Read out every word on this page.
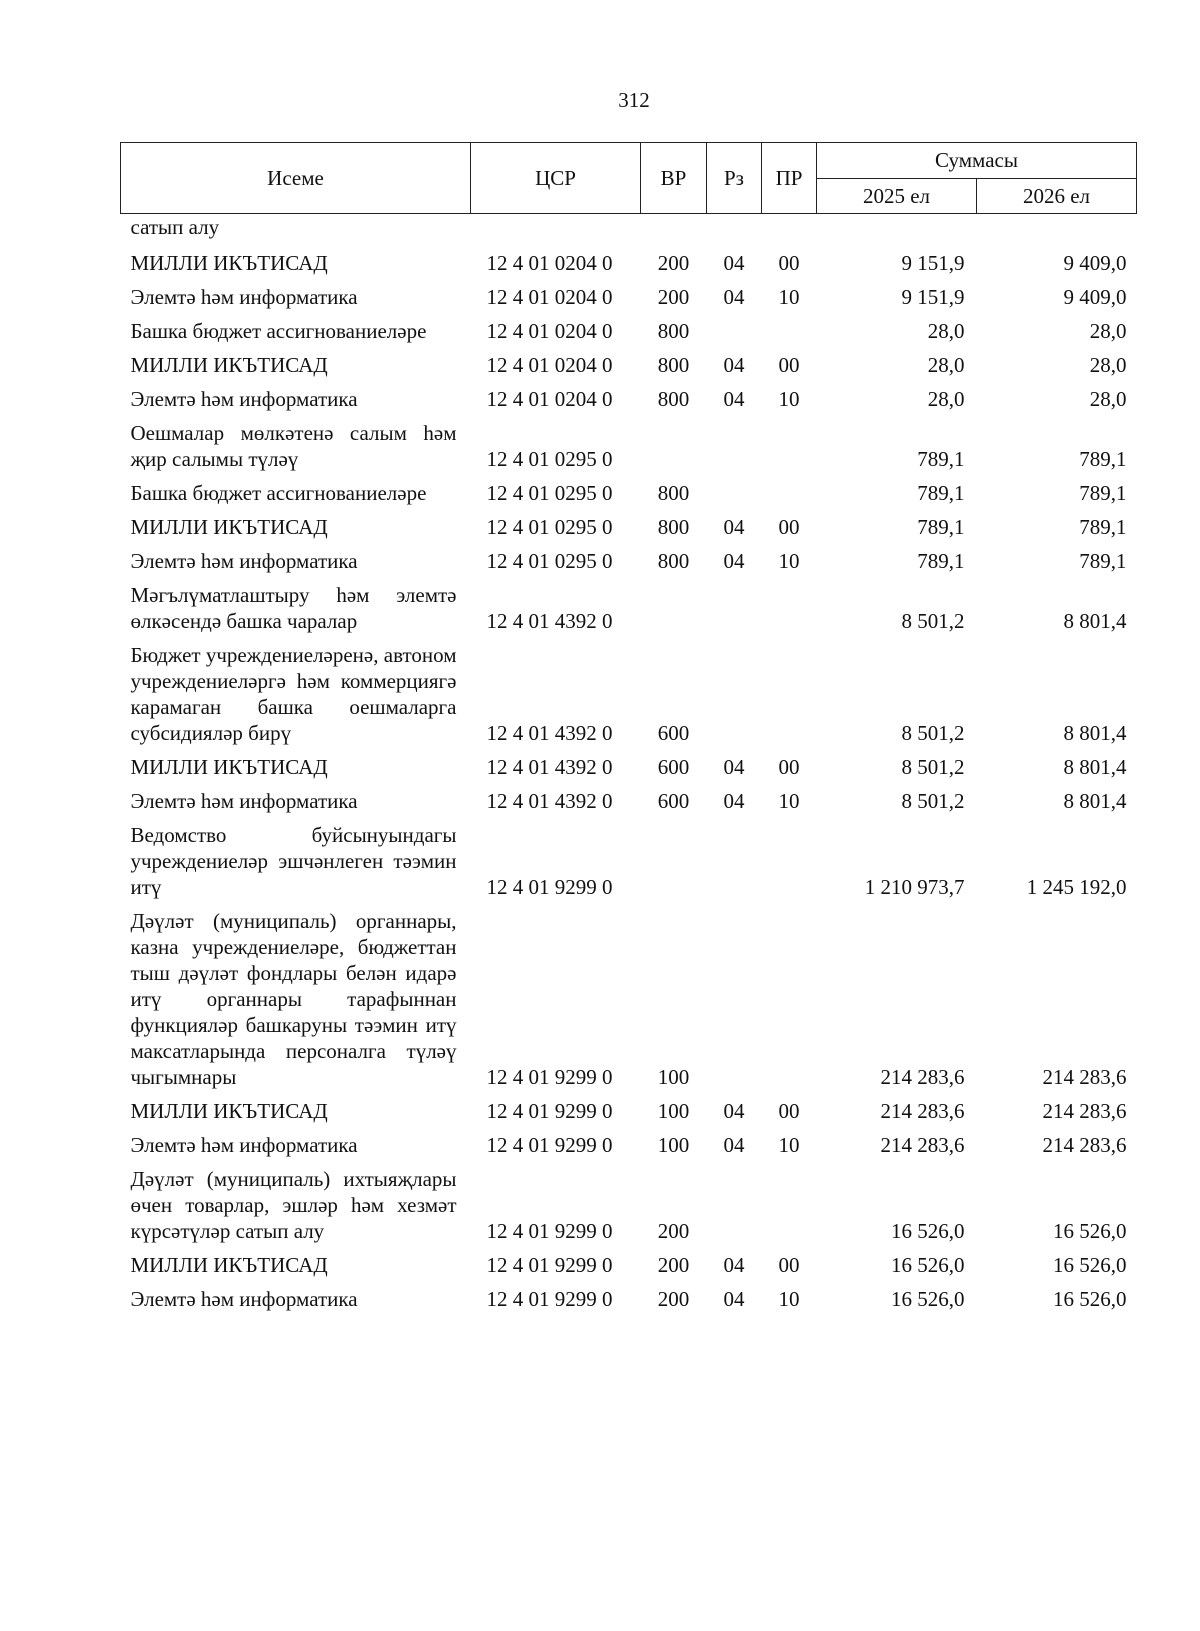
312
Исеме	ЦСР	ВР	Рз	ПР	Суммасы	
					2025 ел	2026 ел
сатып алу						
МИЛЛИ ИКЪТИСАД	12 4 01 0204 0	200	04	00	9 151,9	9 409,0
Элемтә һәм информатика	12 4 01 0204 0	200	04	10	9 151,9	9 409,0
Башка бюджет ассигнованиеләре	12 4 01 0204 0	800			28,0	28,0
МИЛЛИ ИКЪТИСАД	12 4 01 0204 0	800	04	00	28,0	28,0
Элемтә һәм информатика	12 4 01 0204 0	800	04	10	28,0	28,0
Оешмалар мөлкәтенә салым һәм җир салымы түләү	12 4 01 0295 0				789,1	789,1
Башка бюджет ассигнованиеләре	12 4 01 0295 0	800			789,1	789,1
МИЛЛИ ИКЪТИСАД	12 4 01 0295 0	800	04	00	789,1	789,1
Элемтә һәм информатика	12 4 01 0295 0	800	04	10	789,1	789,1
Мәгълүматлаштыру һәм элемтә өлкәсендә башка чаралар	12 4 01 4392 0				8 501,2	8 801,4
Бюджет учреждениеләренә, автоном учреждениеләргә һәм коммерциягә карамаган башка оешмаларга субсидияләр бирү	12 4 01 4392 0	600			8 501,2	8 801,4
МИЛЛИ ИКЪТИСАД	12 4 01 4392 0	600	04	00	8 501,2	8 801,4
Элемтә һәм информатика	12 4 01 4392 0	600	04	10	8 501,2	8 801,4
Ведомство буйсынуындагы учреждениеләр эшчәнлеген тәэмин итү	12 4 01 9299 0				1 210 973,7	1 245 192,0
Дәүләт (муниципаль) органнары, казна учреждениеләре, бюджеттан тыш дәүләт фондлары белән идарә итү органнары тарафыннан функцияләр башкаруны тәэмин итү максатларында персоналга түләү чыгымнары	12 4 01 9299 0	100			214 283,6	214 283,6
МИЛЛИ ИКЪТИСАД	12 4 01 9299 0	100	04	00	214 283,6	214 283,6
Элемтә һәм информатика	12 4 01 9299 0	100	04	10	214 283,6	214 283,6
Дәүләт (муниципаль) ихтыяҗлары өчен товарлар, эшләр һәм хезмәт күрсәтүләр сатып алу	12 4 01 9299 0	200			16 526,0	16 526,0
МИЛЛИ ИКЪТИСАД	12 4 01 9299 0	200	04	00	16 526,0	16 526,0
Элемтә һәм информатика	12 4 01 9299 0	200	04	10	16 526,0	16 526,0
